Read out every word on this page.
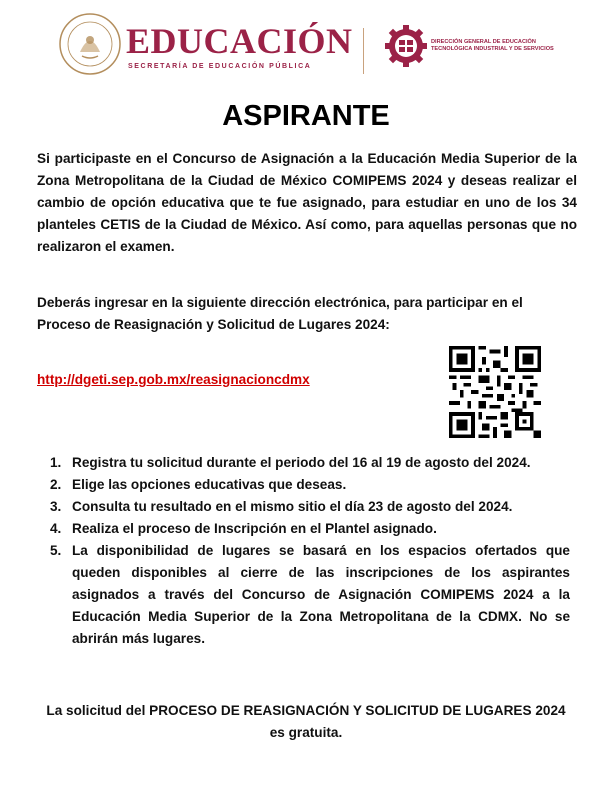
EDUCACIÓN
SECRETARÍA DE EDUCACIÓN PÚBLICA
DIRECCIÓN GENERAL DE EDUCACIÓN
TECNOLÓGICA INDUSTRIAL Y DE SERVICIOS
ASPIRANTE
Si participaste en el Concurso de Asignación a la Educación Media Superior de la Zona Metropolitana de la Ciudad de México COMIPEMS 2024 y deseas realizar el cambio de opción educativa que te fue asignado, para estudiar en uno de los 34 planteles CETIS de la Ciudad de México. Así como, para aquellas personas que no realizaron el examen.
Deberás ingresar en la siguiente dirección electrónica, para participar en el Proceso de Reasignación y Solicitud de Lugares 2024:
http://dgeti.sep.gob.mx/reasignacioncdmx
1. Registra tu solicitud durante el periodo del 16 al 19 de agosto del 2024.
2. Elige las opciones educativas que deseas.
3. Consulta tu resultado en el mismo sitio el día 23 de agosto del 2024.
4. Realiza el proceso de Inscripción en el Plantel asignado.
5. La disponibilidad de lugares se basará en los espacios ofertados que queden disponibles al cierre de las inscripciones de los aspirantes asignados a través del Concurso de Asignación COMIPEMS 2024 a la Educación Media Superior de la Zona Metropolitana de la CDMX. No se abrirán más lugares.
La solicitud del PROCESO DE REASIGNACIÓN Y SOLICITUD DE LUGARES 2024 es gratuita.
